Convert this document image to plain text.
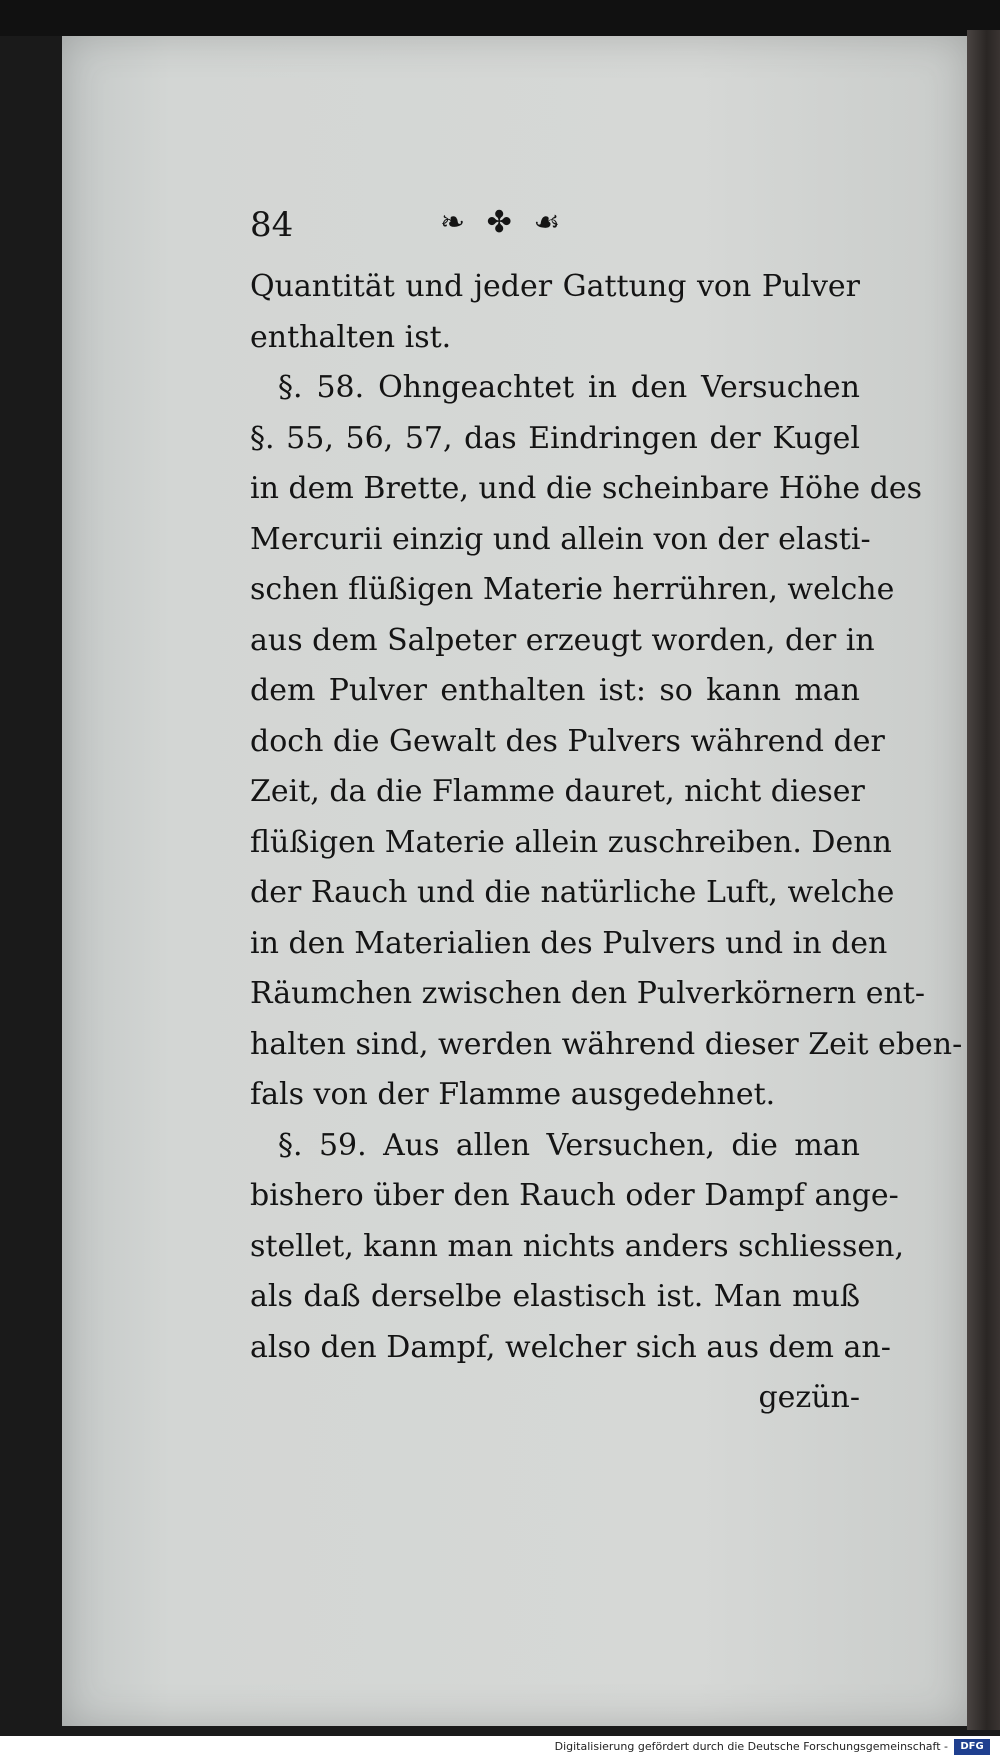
84	❧ ✤ ☙
Quantität und jeder Gattung von Pulver
enthalten ist.
§. 58. Ohngeachtet in den Versuchen
§. 55, 56, 57, das Eindringen der Kugel
in dem Brette, und die scheinbare Höhe des
Mercurii einzig und allein von der elasti-
schen flüßigen Materie herrühren, welche
aus dem Salpeter erzeugt worden, der in
dem Pulver enthalten ist: so kann man
doch die Gewalt des Pulvers während der
Zeit, da die Flamme dauret, nicht dieser
flüßigen Materie allein zuschreiben. Denn
der Rauch und die natürliche Luft, welche
in den Materialien des Pulvers und in den
Räumchen zwischen den Pulverkörnern ent-
halten sind, werden während dieser Zeit eben-
fals von der Flamme ausgedehnet.
§. 59. Aus allen Versuchen, die man
bishero über den Rauch oder Dampf ange-
stellet, kann man nichts anders schliessen,
als daß derselbe elastisch ist. Man muß
also den Dampf, welcher sich aus dem an-
gezün-
Digitalisierung gefördert durch die Deutsche Forschungsgemeinschaft -	DFG
